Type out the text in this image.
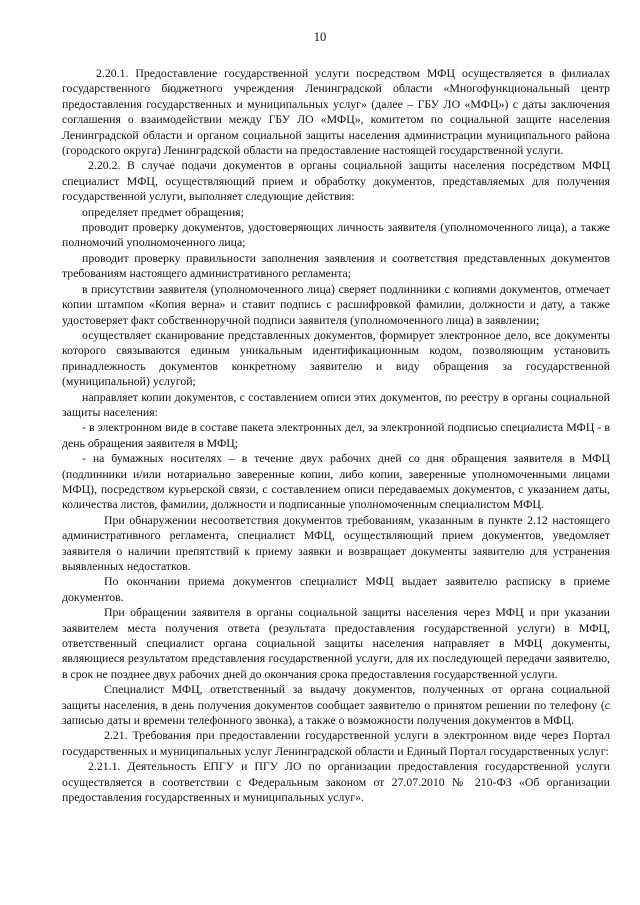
10

2.20.1. Предоставление государственной услуги посредством МФЦ осуществляется в филиалах государственного бюджетного учреждения Ленинградской области «Многофункциональный центр предоставления государственных и муниципальных услуг» (далее – ГБУ ЛО «МФЦ») с даты заключения соглашения о взаимодействии между ГБУ ЛО «МФЦ», комитетом по социальной защите населения Ленинградской области и органом социальной защиты населения администрации муниципального района (городского округа) Ленинградской области на предоставление настоящей государственной услуги.

2.20.2. В случае подачи документов в органы социальной защиты населения посредством МФЦ специалист МФЦ, осуществляющий прием и обработку документов, представляемых для получения государственной услуги, выполняет следующие действия:

определяет предмет обращения;

проводит проверку документов, удостоверяющих личность заявителя (уполномоченного лица), а также полномочий уполномоченного лица;

проводит проверку правильности заполнения заявления и соответствия представленных документов требованиям настоящего административного регламента;

в присутствии заявителя (уполномоченного лица) сверяет подлинники с копиями документов, отмечает копии штампом «Копия верна» и ставит подпись с расшифровкой фамилии, должности и дату, а также удостоверяет факт собственноручной подписи заявителя (уполномоченного лица) в заявлении;

осуществляет сканирование представленных документов, формирует электронное дело, все документы которого связываются единым уникальным идентификационным кодом, позволяющим установить принадлежность документов конкретному заявителю и виду обращения за государственной (муниципальной) услугой;

направляет копии документов, с составлением описи этих документов, по реестру в органы социальной защиты населения:

- в электронном виде в составе пакета электронных дел, за электронной подписью специалиста МФЦ - в день обращения заявителя в МФЦ;

- на бумажных носителях – в течение двух рабочих дней со дня обращения заявителя в МФЦ (подлинники и/или нотариально заверенные копии, либо копии, заверенные уполномоченными лицами МФЦ), посредством курьерской связи, с составлением описи передаваемых документов, с указанием даты, количества листов, фамилии, должности и подписанные уполномоченным специалистом МФЦ.

При обнаружении несоответствия документов требованиям, указанным в пункте 2.12 настоящего административного регламента, специалист МФЦ, осуществляющий прием документов, уведомляет заявителя о наличии препятствий к приему заявки и возвращает документы заявителю для устранения выявленных недостатков.

По окончании приема документов специалист МФЦ выдает заявителю расписку в приеме документов.

При обращении заявителя в органы социальной защиты населения через МФЦ и при указании заявителем места получения ответа (результата предоставления государственной услуги) в МФЦ, ответственный специалист органа социальной защиты населения направляет в МФЦ документы, являющиеся результатом представления государственной услуги, для их последующей передачи заявителю, в срок не позднее двух рабочих дней до окончания срока предоставления государственной услуги.

Специалист МФЦ, ответственный за выдачу документов, полученных от органа социальной защиты населения, в день получения документов сообщает заявителю о принятом решении по телефону (с записью даты и времени телефонного звонка), а также о возможности получения документов в МФЦ.

2.21. Требования при предоставлении государственной услуги в электронном виде через Портал государственных и муниципальных услуг Ленинградской области и Единый Портал государственных услуг:

2.21.1. Деятельность ЕПГУ и ПГУ ЛО по организации предоставления государственной услуги осуществляется в соответствии с Федеральным законом от 27.07.2010 № 210-ФЗ «Об организации предоставления государственных и муниципальных услуг».
